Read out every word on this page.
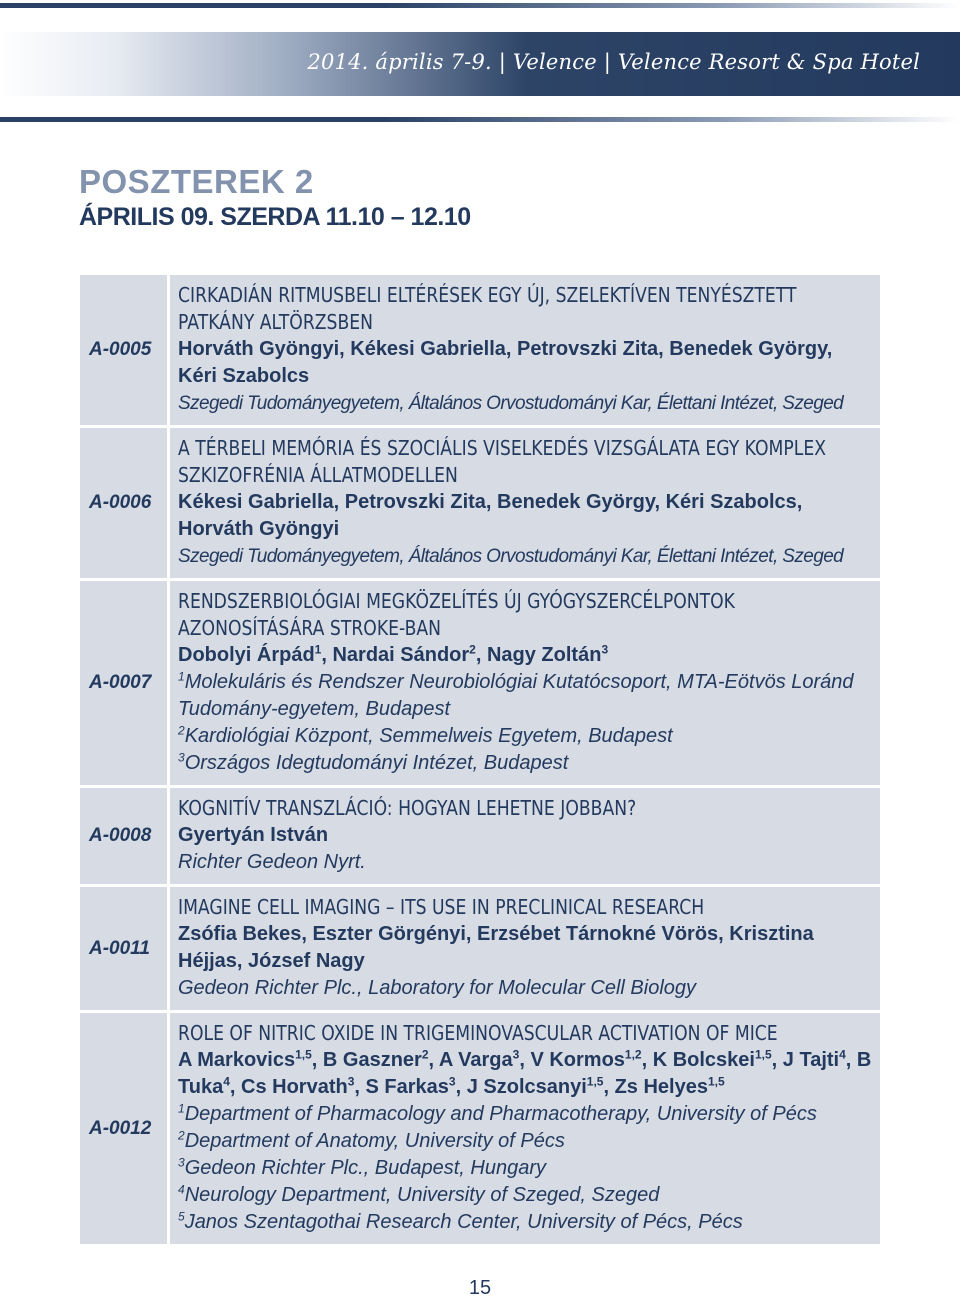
2014. április 7-9. | Velence | Velence Resort & Spa Hotel
POSZTEREK 2
ÁPRILIS 09. SZERDA 11.10 – 12.10
A-0005
CIRKADIÁN RITMUSBELI ELTÉRÉSEK EGY ÚJ, SZELEKTÍVEN TENYÉSZTETT PATKÁNY ALTÖRZSBEN
Horváth Gyöngyi, Kékesi Gabriella, Petrovszki Zita, Benedek György, Kéri Szabolcs
Szegedi Tudományegyetem, Általános Orvostudományi Kar, Élettani Intézet, Szeged
A-0006
A TÉRBELI MEMÓRIA ÉS SZOCIÁLIS VISELKEDÉS VIZSGÁLATA EGY KOMPLEX SZKIZOFRÉNIA ÁLLATMODELLEN
Kékesi Gabriella, Petrovszki Zita, Benedek György, Kéri Szabolcs, Horváth Gyöngyi
Szegedi Tudományegyetem, Általános Orvostudományi Kar, Élettani Intézet, Szeged
A-0007
RENDSZERBIOLÓGIAI MEGKÖZELÍTÉS ÚJ GYÓGYSZERCÉLPONTOK AZONOSÍTÁSÁRA STROKE-BAN
Dobolyi Árpád$^1$, Nardai Sándor$^2$, Nagy Zoltán$^3$
$^1$Molekuláris és Rendszer Neurobiológiai Kutatócsoport, MTA-Eötvös Loránd Tudomány-egyetem, Budapest
$^2$Kardiológiai Központ, Semmelweis Egyetem, Budapest
$^3$Országos Idegtudományi Intézet, Budapest
A-0008
KOGNITÍV TRANSZLÁCIÓ: HOGYAN LEHETNE JOBBAN?
Gyertyán István
Richter Gedeon Nyrt.
A-0011
IMAGINE CELL IMAGING – ITS USE IN PRECLINICAL RESEARCH
Zsófia Bekes, Eszter Görgényi, Erzsébet Tárnokné Vörös, Krisztina Héjjas, József Nagy
Gedeon Richter Plc., Laboratory for Molecular Cell Biology
A-0012
ROLE OF NITRIC OXIDE IN TRIGEMINOVASCULAR ACTIVATION OF MICE
A Markovics$^{1,5}$, B Gaszner$^2$, A Varga$^3$, V Kormos$^{1,2}$, K Bolcskei$^{1,5}$, J Tajti$^4$, B Tuka$^4$, Cs Horvath$^3$, S Farkas$^3$, J Szolcsanyi$^{1,5}$, Zs Helyes$^{1,5}$
$^1$Department of Pharmacology and Pharmacotherapy, University of Pécs
$^2$Department of Anatomy, University of Pécs
$^3$Gedeon Richter Plc., Budapest, Hungary
$^4$Neurology Department, University of Szeged, Szeged
$^5$Janos Szentagothai Research Center, University of Pécs, Pécs
15
